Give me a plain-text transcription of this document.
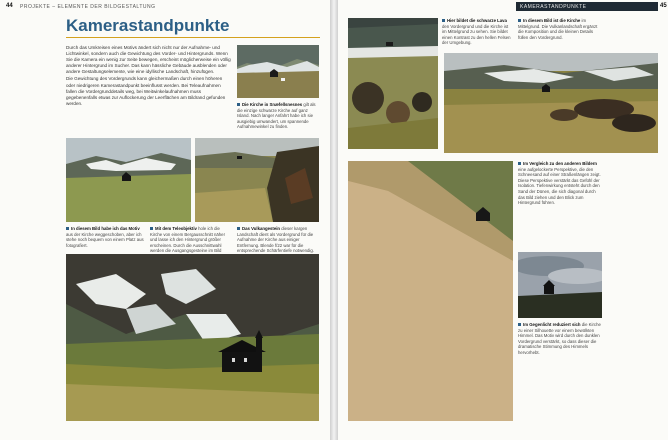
44 PROJEKTE – ELEMENTE DER BILDGESTALTUNG
Kamerastandpunkte

Durch das Umkreisen eines Motivs ändert sich nicht nur der Aufnahme- und Lichtwinkel, sondern auch die Gewichtung des Vorder- und Hintergrunds. Wenn Sie die Kamera ein wenig zur Seite bewegen, erscheint möglicherweise ein völlig anderer Hintergrund im Sucher. Das kann hässliche Gebäude ausblenden oder andere Gestaltungselemente, wie eine idyllische Landschaft, hinzufügen.

Die Gewichtung des Vordergrunds kann gleichermaßen durch einen höheren oder niedrigeren Kamerastandpunkt beeinflusst werden. Bei Teleaufnahmen fallen die Vordergrunddetails weg, bei Weitwinkelaufnahmen muss gegebenenfalls etwas zur Auflockerung der Leerflächen am Bildrand gefunden werden.	Die Kirche in Snæfellsnesnes gilt als die einzige schwarze Kirche auf ganz Island. Nach langer Anfahrt habe ich sie ausgiebig umwandert, um spannende Aufnahmewinkel zu finden.
In diesem Bild habe ich das Motiv aus der Kirche weggeschoben, aber ich stehe noch bequem von einem Platz aus fotografiert.
Mit dem Teleobjektiv hole ich die Kirche von einem Bergausschnitt näher und lasse ich den Hintergrund größer erscheinen. Durch die Ausschnittwahl werden die Ausgangsgesteine im Bild
Das Vulkangestein dieser kargen Landschaft dient als Vordergrund für die Aufnahme der Kirche aus einiger Entfernung. Blende f/22 war für die entsprechende Schärfentiefe notwendig.
KAMERASTANDPUNKTE	45
Hier bildet die schwarze Lava den Vordergrund und die Kirche ist im Mittelgrund zu sehen. Sie bildet einen Kontrast zu den hellen Felsen der Umgebung.
In diesem Bild ist die Kirche im Mittelgrund. Die Vulkanlandschaft ergänzt die Komposition und die kleinen Details füllen den Vordergrund.
Im Vergleich zu den anderen Bildern eine aufgelockerte Perspektive, die den Schneesand auf einer Straßenlängen zeigt. Diese Perspektive verstärkt das Gefühl der Isolation. Tiefenwirkung entsteht durch den Sand der Dünen, die sich diagonal durch das Bild ziehen und den Blick zum Hintergrund führen.
Im Gegenlicht reduziert sich die Kirche zu einer Silhouette vor einem bewölkten Himmel. Das Motiv wird durch den dunklen Vordergrund verstärkt, so dass dieser die dramatische Stimmung des Himmels hervorhebt.
